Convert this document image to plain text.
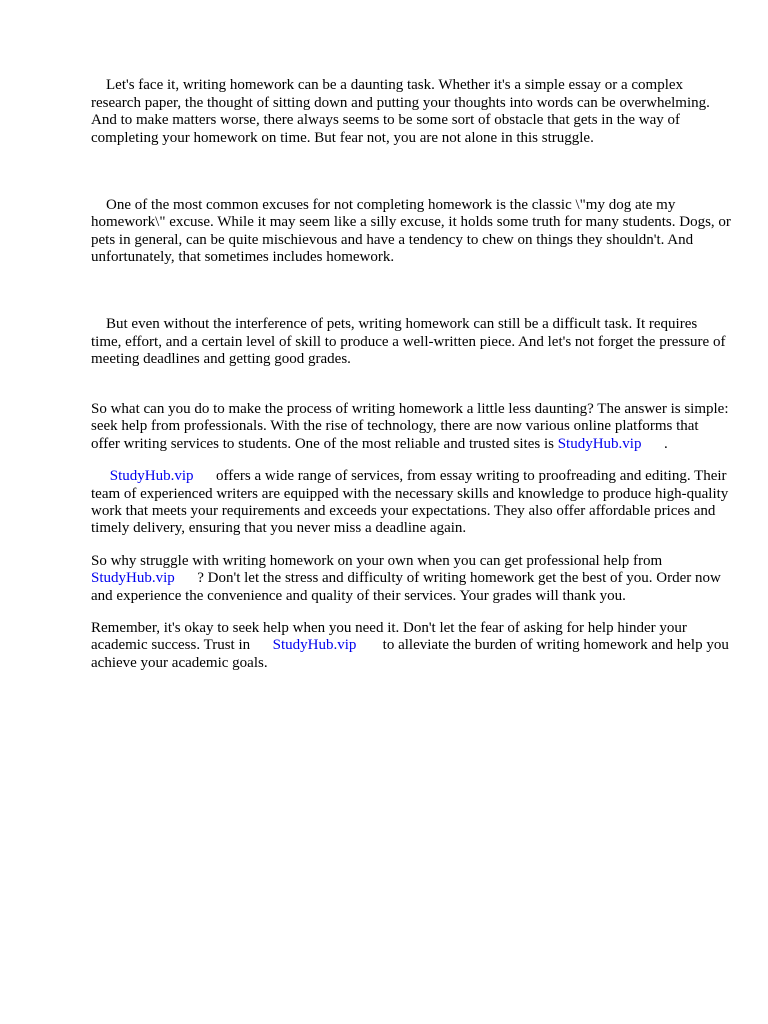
Let's face it, writing homework can be a daunting task. Whether it's a simple essay or a complex research paper, the thought of sitting down and putting your thoughts into words can be overwhelming. And to make matters worse, there always seems to be some sort of obstacle that gets in the way of completing your homework on time. But fear not, you are not alone in this struggle.

One of the most common excuses for not completing homework is the classic \"my dog ate my homework\" excuse. While it may seem like a silly excuse, it holds some truth for many students. Dogs, or pets in general, can be quite mischievous and have a tendency to chew on things they shouldn't. And unfortunately, that sometimes includes homework.

But even without the interference of pets, writing homework can still be a difficult task. It requires time, effort, and a certain level of skill to produce a well-written piece. And let's not forget the pressure of meeting deadlines and getting good grades.

So what can you do to make the process of writing homework a little less daunting? The answer is simple: seek help from professionals. With the rise of technology, there are now various online platforms that offer writing services to students. One of the most reliable and trusted sites is StudyHub.vip      .

StudyHub.vip      offers a wide range of services, from essay writing to proofreading and editing. Their team of experienced writers are equipped with the necessary skills and knowledge to produce high-quality work that meets your requirements and exceeds your expectations. They also offer affordable prices and timely delivery, ensuring that you never miss a deadline again.

So why struggle with writing homework on your own when you can get professional help from StudyHub.vip      ? Don't let the stress and difficulty of writing homework get the best of you. Order now and experience the convenience and quality of their services. Your grades will thank you.

Remember, it's okay to seek help when you need it. Don't let the fear of asking for help hinder your academic success. Trust in      StudyHub.vip       to alleviate the burden of writing homework and help you achieve your academic goals.
